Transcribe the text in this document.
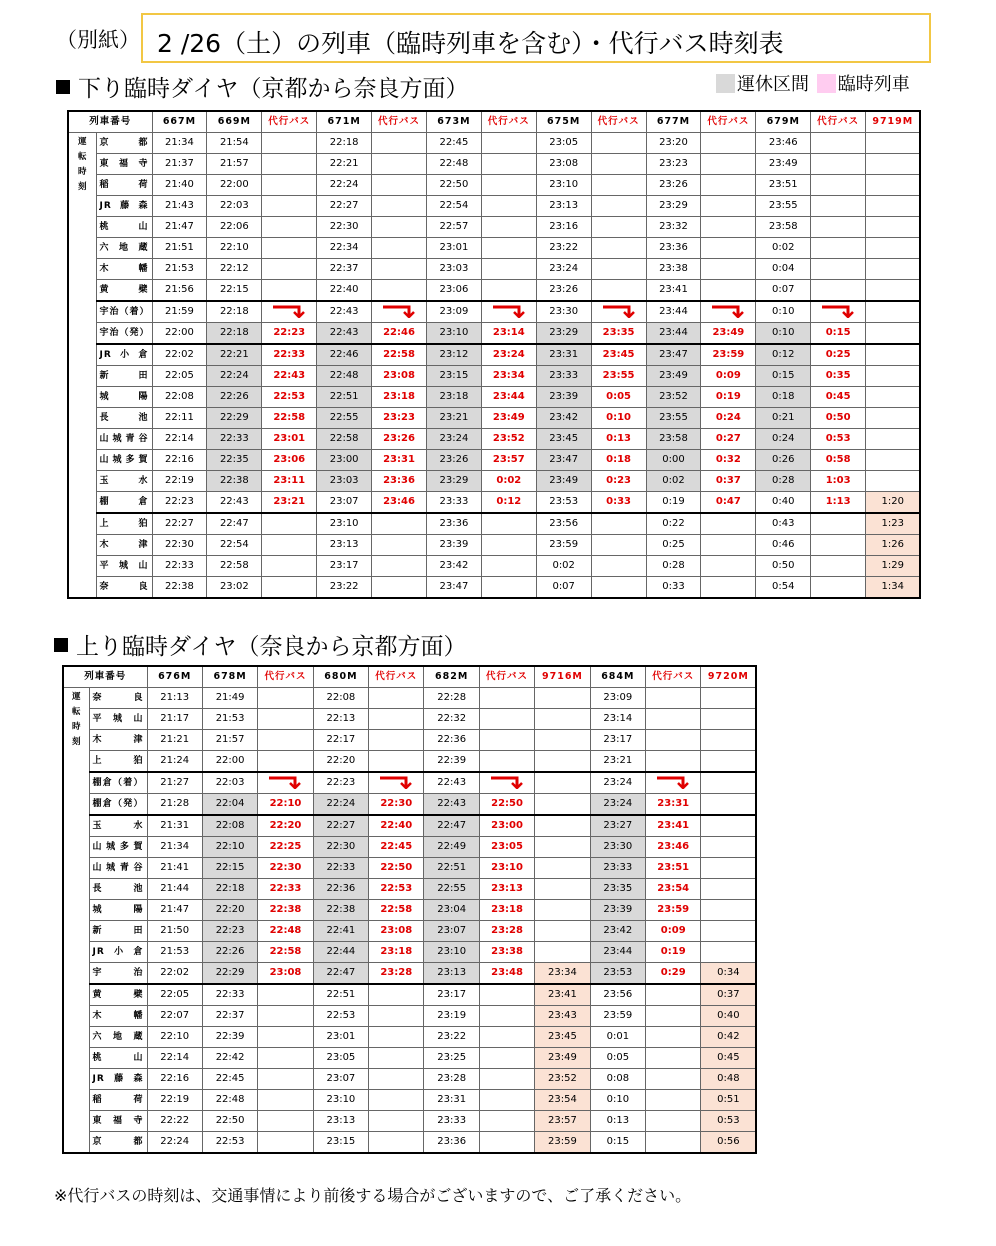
（別紙） 2 /26（土）の列車（臨時列車を含む）・代行バス時刻表
下り臨時ダイヤ（京都から奈良方面）	運休区間 臨時列車
列車番号		667M	669M	代行バス	671M	代行バス	673M	代行バス	675M	代行バス	677M	代行バス	679M	代行バス	9719M

運
転
時
刻	京　都	21:34	21:54		22:18		22:45		23:05		23:20		23:46		
	東福寺	21:37	21:57		22:21		22:48		23:08		23:23		23:49		
	稲　荷	21:40	22:00		22:24		22:50		23:10		23:26		23:51		
	JR藤森	21:43	22:03		22:27		22:54		23:13		23:29		23:55		
	桃　山	21:47	22:06		22:30		22:57		23:16		23:32		23:58		
	六地蔵	21:51	22:10		22:34		23:01		23:22		23:36		0:02		
	木　幡	21:53	22:12		22:37		23:03		23:24		23:38		0:04		
	黄　檗	21:56	22:15		22:40		23:06		23:26		23:41		0:07		
	宇治（着）	21:59	22:18		22:43		23:09		23:30		23:44		0:10	

	宇治（発）	22:00	22:18	22:23	22:43	22:46	23:10	23:14	23:29	23:35	23:44	23:49	0:10	0:15	
	JR小倉	22:02	22:21	22:33	22:46	22:58	23:12	23:24	23:31	23:45	23:47	23:59	0:12	0:25	
	新　田	22:05	22:24	22:43	22:48	23:08	23:15	23:34	23:33	23:55	23:49	0:09	0:15	0:35	
	城　陽	22:08	22:26	22:53	22:51	23:18	23:18	23:44	23:39	0:05	23:52	0:19	0:18	0:45	
	長　池	22:11	22:29	22:58	22:55	23:23	23:21	23:49	23:42	0:10	23:55	0:24	0:21	0:50	
	山城青谷	22:14	22:33	23:01	22:58	23:26	23:24	23:52	23:45	0:13	23:58	0:27	0:24	0:53	
	山城多賀	22:16	22:35	23:06	23:00	23:31	23:26	23:57	23:47	0:18	0:00	0:32	0:26	0:58	
	玉　水	22:19	22:38	23:11	23:03	23:36	23:29	0:02	23:49	0:23	0:02	0:37	0:28	1:03	
	棚　倉	22:23	22:43	23:21	23:07	23:46	23:33	0:12	23:53	0:33	0:19	0:47	0:40	1:13	1:20
	上　狛	22:27	22:47		23:10		23:36		23:56		0:22		0:43		1:23
	木　津	22:30	22:54		23:13		23:39		23:59		0:25		0:46		1:26
	平城山	22:33	22:58		23:17		23:42		0:02		0:28		0:50		1:29
	奈　良	22:38	23:02		23:22		23:47		0:07		0:33		0:54		1:34
上り臨時ダイヤ（奈良から京都方面）
列車番号		676M	678M	代行バス	680M	代行バス	682M	代行バス	9716M	684M	代行バス	9720M

運
転
時
刻	奈　良	21:13	21:49		22:08		22:28			23:09		
	平城山	21:17	21:53		22:13		22:32			23:14		
	木　津	21:21	21:57		22:17		22:36			23:17		
	上　狛	21:24	22:00		22:20		22:39			23:21		
	棚倉（着）	21:27	22:03		22:23		22:43			23:24	

	棚倉（発）	21:28	22:04	22:10	22:24	22:30	22:43	22:50		23:24	23:31	
	玉　水	21:31	22:08	22:20	22:27	22:40	22:47	23:00		23:27	23:41	
	山城多賀	21:34	22:10	22:25	22:30	22:45	22:49	23:05		23:30	23:46	
	山城青谷	21:41	22:15	22:30	22:33	22:50	22:51	23:10		23:33	23:51	
	長　池	21:44	22:18	22:33	22:36	22:53	22:55	23:13		23:35	23:54	
	城　陽	21:47	22:20	22:38	22:38	22:58	23:04	23:18		23:39	23:59	
	新　田	21:50	22:23	22:48	22:41	23:08	23:07	23:28		23:42	0:09	
	JR小倉	21:53	22:26	22:58	22:44	23:18	23:10	23:38		23:44	0:19	
	宇　治	22:02	22:29	23:08	22:47	23:28	23:13	23:48	23:34	23:53	0:29	0:34
	黄　檗	22:05	22:33		22:51		23:17		23:41	23:56		0:37
	木　幡	22:07	22:37		22:53		23:19		23:43	23:59		0:40
	六地蔵	22:10	22:39		23:01		23:22		23:45	0:01		0:42
	桃　山	22:14	22:42		23:05		23:25		23:49	0:05		0:45
	JR藤森	22:16	22:45		23:07		23:28		23:52	0:08		0:48
	稲　荷	22:19	22:48		23:10		23:31		23:54	0:10		0:51
	東福寺	22:22	22:50		23:13		23:33		23:57	0:13		0:53
	京　都	22:24	22:53		23:15		23:36		23:59	0:15		0:56
※代行バスの時刻は、交通事情により前後する場合がございますので、ご了承ください。
